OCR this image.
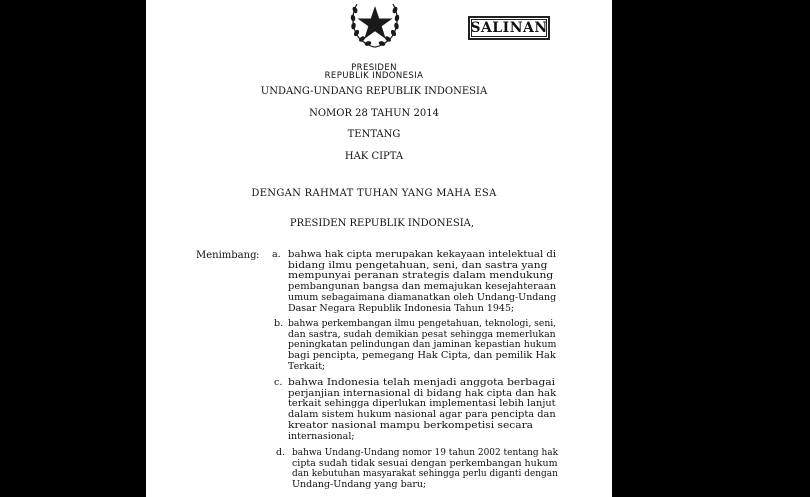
SALINAN
PRESIDEN
REPUBLIK INDONESIA
UNDANG-UNDANG REPUBLIK INDONESIA
NOMOR 28 TAHUN 2014
TENTANG
HAK CIPTA
DENGAN RAHMAT TUHAN YANG MAHA ESA
PRESIDEN REPUBLIK INDONESIA,
Menimbang : a. bahwa hak cipta merupakan kekayaan intelektual di
bidang ilmu pengetahuan, seni, dan sastra yang
mempunyai peranan strategis dalam mendukung
pembangunan bangsa dan memajukan kesejahteraan
umum sebagaimana diamanatkan oleh Undang-Undang
Dasar Negara Republik Indonesia Tahun 1945;
b. bahwa perkembangan ilmu pengetahuan, teknologi, seni,
dan sastra, sudah demikian pesat sehingga memerlukan
peningkatan pelindungan dan jaminan kepastian hukum
bagi pencipta, pemegang Hak Cipta, dan pemilik Hak
Terkait;
c. bahwa Indonesia telah menjadi anggota berbagai
perjanjian internasional di bidang hak cipta dan hak
terkait sehingga diperlukan implementasi lebih lanjut
dalam sistem hukum nasional agar para pencipta dan
kreator nasional mampu berkompetisi secara
internasional;
d. bahwa Undang-Undang nomor 19 tahun 2002 tentang hak
cipta sudah tidak sesuai dengan perkembangan hukum
dan kebutuhan masyarakat sehingga perlu diganti dengan
Undang-Undang yang baru;
